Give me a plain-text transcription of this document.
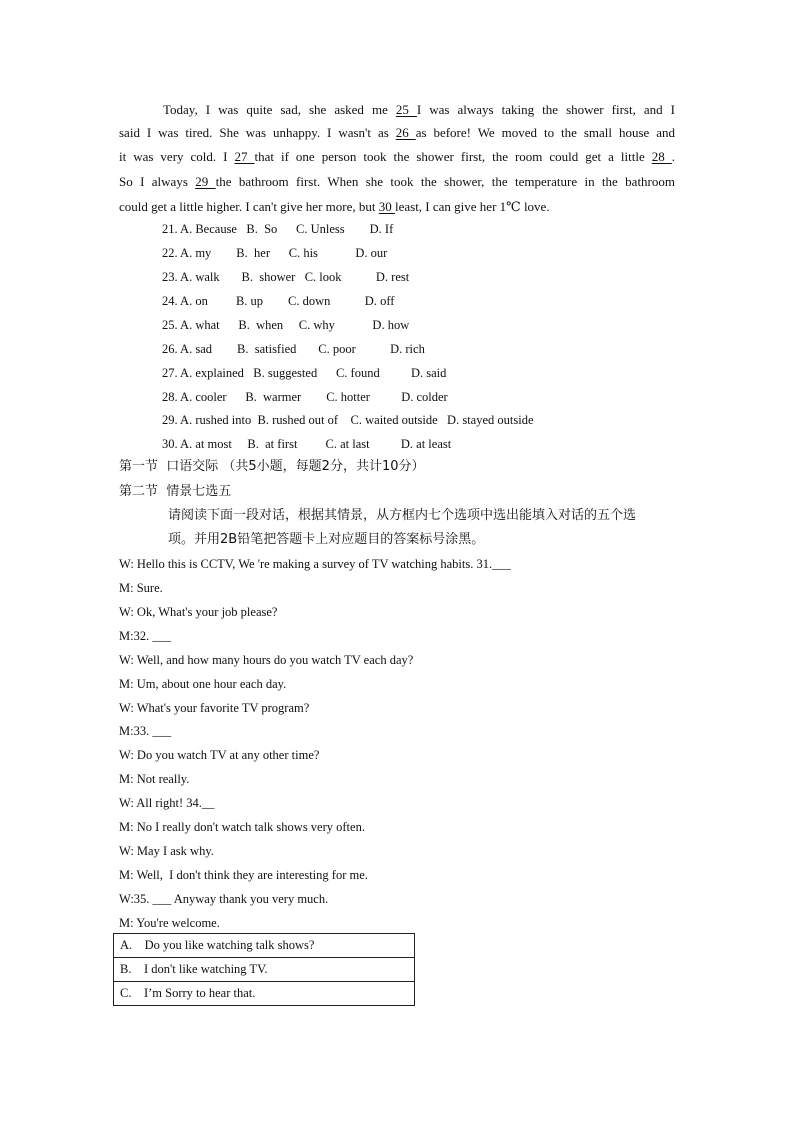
Today, I was quite sad, she asked me 25 I was always taking the shower first, and I
said I was tired. She was unhappy. I wasn't as 26 as before! We moved to the small house and
it was very cold. I 27 that if one person took the shower first, the room could get a little 28 .
So I always 29 the bathroom first. When she took the shower, the temperature in the bathroom
could get a little higher. I can't give her more, but 30 least, I can give her 1℃ love.
21. A. Because   B.  So      C. Unless        D. If
22. A. my        B.  her      C. his            D. our
23. A. walk       B.  shower   C. look           D. rest
24. A. on         B. up        C. down           D. off
25. A. what      B.  when     C. why            D. how
26. A. sad        B.  satisfied       C. poor           D. rich
27. A. explained   B. suggested      C. found          D. said
28. A. cooler      B.  warmer        C. hotter          D. colder
29. A. rushed into  B. rushed out of    C. waited outside   D. stayed outside
30. A. at most     B.  at first         C. at last          D. at least
第一节  口语交际 （共5小题，每题2分，共计10分）
第二节  情景七选五
请阅读下面一段对话，根据其情景，从方框内七个选项中选出能填入对话的五个选
项。并用2B铅笔把答题卡上对应题目的答案标号涂黑。
W: Hello this is CCTV, We 're making a survey of TV watching habits. 31.___
M: Sure.
W: Ok, What's your job please?
M:32. ___
W: Well, and how many hours do you watch TV each day?
M: Um, about one hour each day.
W: What's your favorite TV program?
M:33. ___
W: Do you watch TV at any other time?
M: Not really.
W: All right! 34.__
M: No I really don't watch talk shows very often.
W: May I ask why.
M: Well,  I don't think they are interesting for me.
W:35. ___ Anyway thank you very much.
M: You're welcome.
A.    Do you like watching talk shows?
B.    I don't like watching TV.
C.    I’m Sorry to hear that.
